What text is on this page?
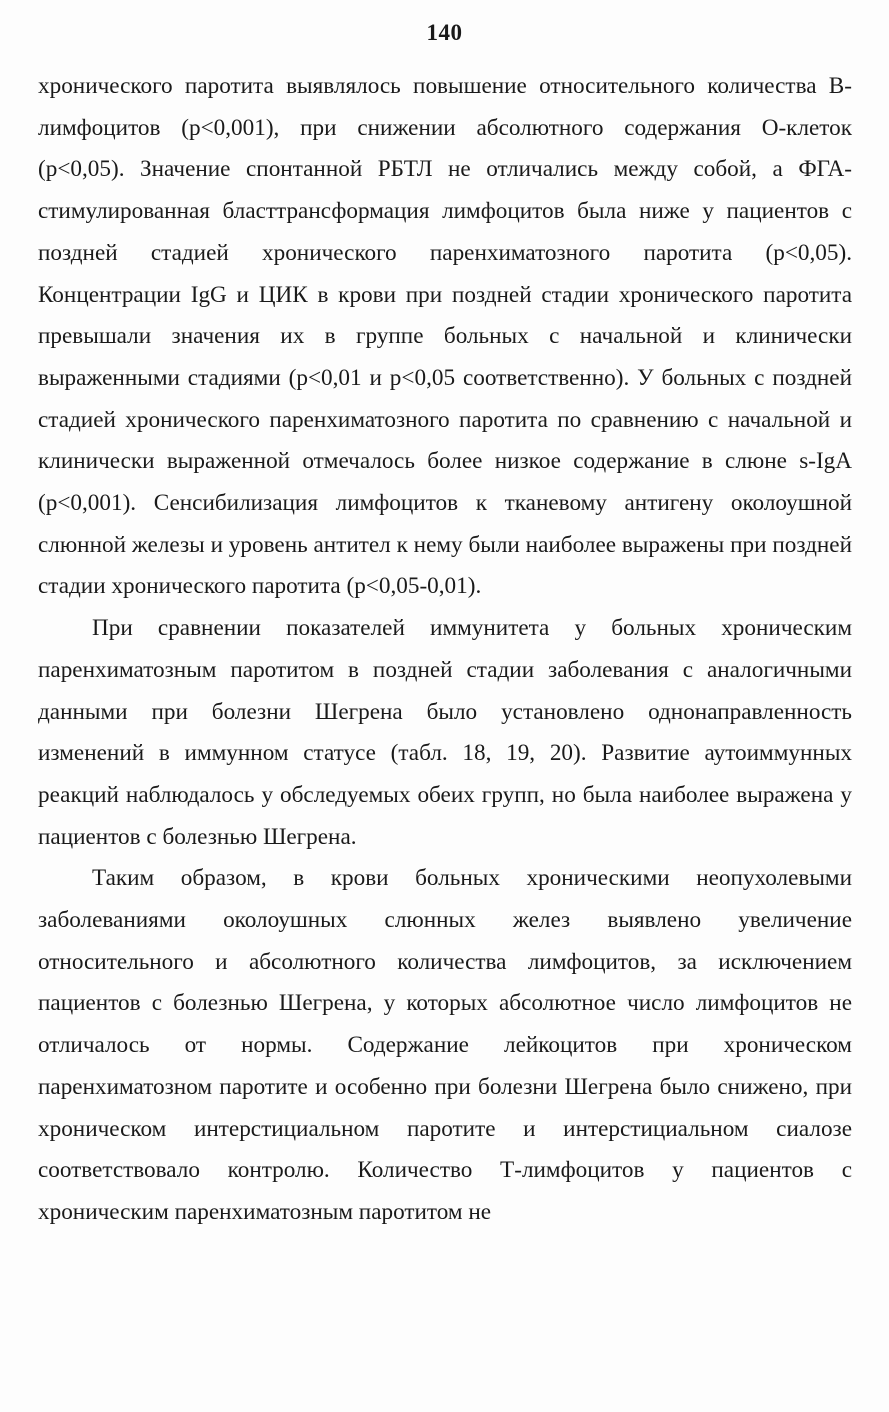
140

хронического паротита выявлялось повышение относительного количества В-лимфоцитов (р<0,001), при снижении абсолютного содержания О-клеток (р<0,05). Значение спонтанной РБТЛ не отличались между собой, а ФГА-стимулированная бласттрансформация лимфоцитов была ниже у пациентов с поздней стадией хронического паренхиматозного паротита (р<0,05). Концентрации IgG и ЦИК в крови при поздней стадии хронического паротита превышали значения их в группе больных с начальной и клинически выраженными стадиями (р<0,01 и р<0,05 соответственно). У больных с поздней стадией хронического паренхиматозного паротита по сравнению с начальной и клинически выраженной отмечалось более низкое содержание в слюне s-IgA (р<0,001). Сенсибилизация лимфоцитов к тканевому антигену околоушной слюнной железы и уровень антител к нему были наиболее выражены при поздней стадии хронического паротита (р<0,05-0,01).

При сравнении показателей иммунитета у больных хроническим паренхиматозным паротитом в поздней стадии заболевания с аналогичными данными при болезни Шегрена было установлено однонаправленность изменений в иммунном статусе (табл. 18, 19, 20). Развитие аутоиммунных реакций наблюдалось у обследуемых обеих групп, но была наиболее выражена у пациентов с болезнью Шегрена.

Таким образом, в крови больных хроническими неопухолевыми заболеваниями околоушных слюнных желез выявлено увеличение относительного и абсолютного количества лимфоцитов, за исключением пациентов с болезнью Шегрена, у которых абсолютное число лимфоцитов не отличалось от нормы. Содержание лейкоцитов при хроническом паренхиматозном паротите и особенно при болезни Шегрена было снижено, при хроническом интерстициальном паротите и интерстициальном сиалозе соответствовало контролю. Количество Т-лимфоцитов у пациентов с хроническим паренхиматозным паротитом не
